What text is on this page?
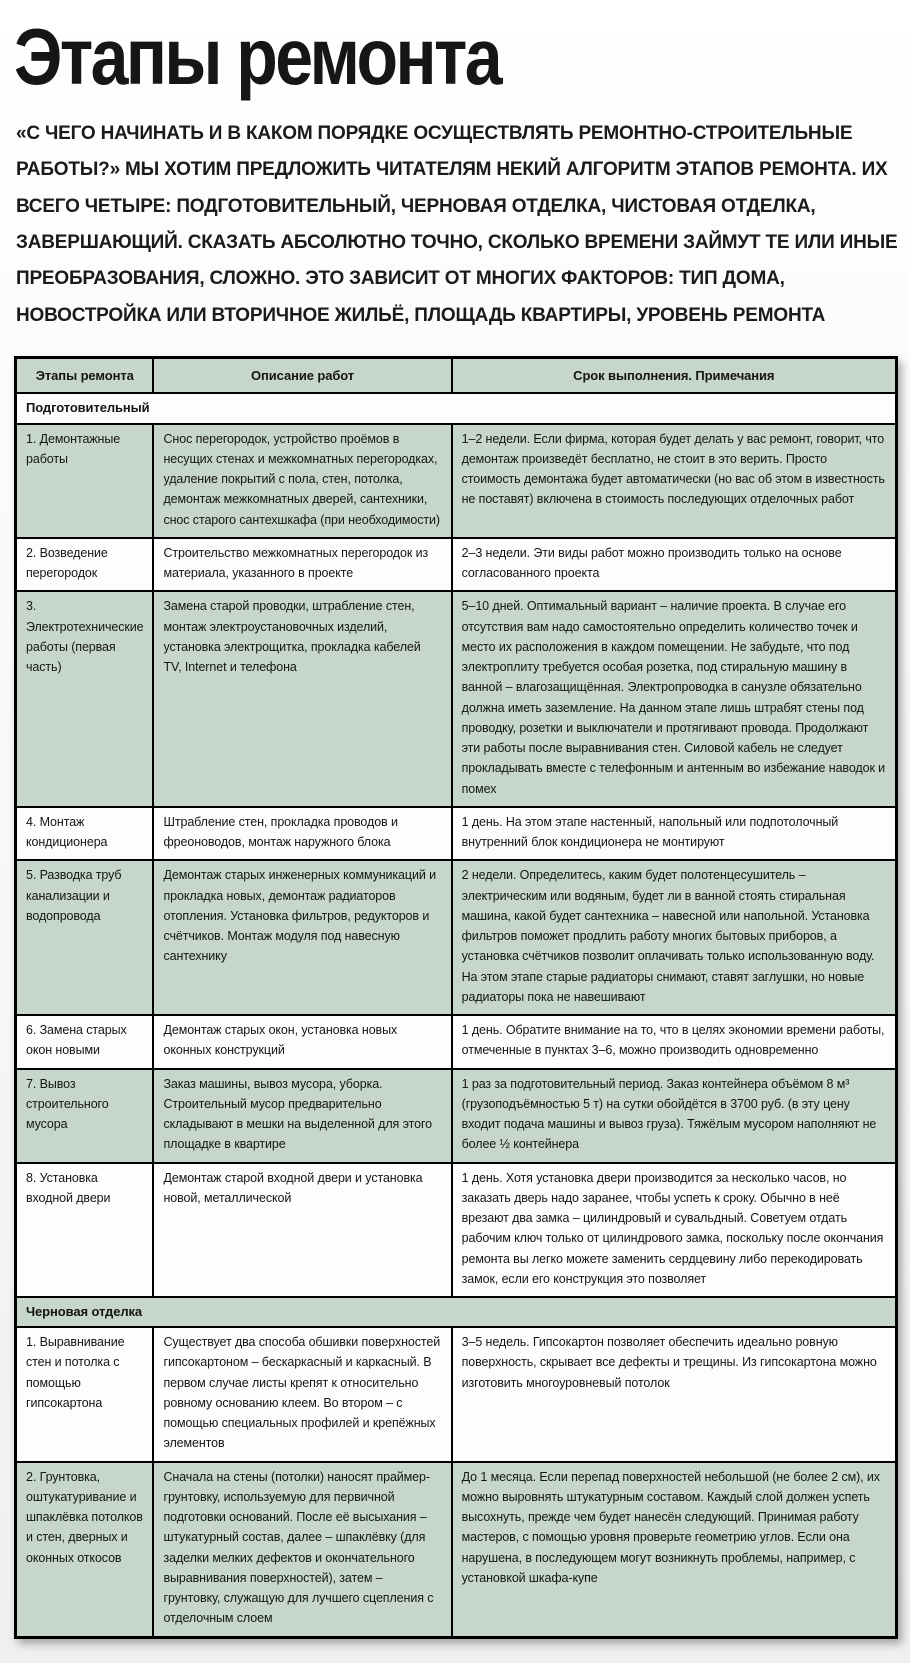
Этапы ремонта

«С ЧЕГО НАЧИНАТЬ И В КАКОМ ПОРЯДКЕ ОСУЩЕСТВЛЯТЬ РЕМОНТНО-СТРОИТЕЛЬНЫЕ РАБОТЫ?» МЫ ХОТИМ ПРЕДЛОЖИТЬ ЧИТАТЕЛЯМ НЕКИЙ АЛГОРИТМ ЭТАПОВ РЕМОНТА. ИХ ВСЕГО ЧЕТЫРЕ: ПОДГОТОВИТЕЛЬНЫЙ, ЧЕРНОВАЯ ОТДЕЛКА, ЧИСТОВАЯ ОТДЕЛКА, ЗАВЕРШАЮЩИЙ. СКАЗАТЬ АБСОЛЮТНО ТОЧНО, СКОЛЬКО ВРЕМЕНИ ЗАЙМУТ ТЕ ИЛИ ИНЫЕ ПРЕОБРАЗОВАНИЯ, СЛОЖНО. ЭТО ЗАВИСИТ ОТ МНОГИХ ФАКТОРОВ: ТИП ДОМА, НОВОСТРОЙКА ИЛИ ВТОРИЧНОЕ ЖИЛЬЁ, ПЛОЩАДЬ КВАРТИРЫ, УРОВЕНЬ РЕМОНТА

Этапы ремонта	Описание работ	Срок выполнения. Примечания
Подготовительный		
1. Демонтажные работы	Снос перегородок, устройство проёмов в несущих стенах и межкомнатных перегородках, удаление покрытий с пола, стен, потолка, демонтаж межкомнатных дверей, сантехники, снос старого сантехшкафа (при необходимости)	1–2 недели. Если фирма, которая будет делать у вас ремонт, говорит, что демонтаж произведёт бесплатно, не стоит в это верить. Просто стоимость демонтажа будет автоматически (но вас об этом в известность не поставят) включена в стоимость последующих отделочных работ
2. Возведение перегородок	Строительство межкомнатных перегородок из материала, указанного в проекте	2–3 недели. Эти виды работ можно производить только на основе согласованного проекта
3. Электротехнические работы (первая часть)	Замена старой проводки, штрабление стен, монтаж электроустановочных изделий, установка электрощитка, прокладка кабелей TV, Internet и телефона	5–10 дней. Оптимальный вариант – наличие проекта. В случае его отсутствия вам надо самостоятельно определить количество точек и место их расположения в каждом помещении. Не забудьте, что под электроплиту требуется особая розетка, под стиральную машину в ванной – влагозащищённая. Электропроводка в санузле обязательно должна иметь заземление. На данном этапе лишь штрабят стены под проводку, розетки и выключатели и протягивают провода. Продолжают эти работы после выравнивания стен. Силовой кабель не следует прокладывать вместе с телефонным и антенным во избежание наводок и помех
4. Монтаж кондиционера	Штрабление стен, прокладка проводов и фреоноводов, монтаж наружного блока	1 день. На этом этапе настенный, напольный или подпотолочный внутренний блок кондиционера не монтируют
5. Разводка труб канализации и водопровода	Демонтаж старых инженерных коммуникаций и прокладка новых, демонтаж радиаторов отопления. Установка фильтров, редукторов и счётчиков. Монтаж модуля под навесную сантехнику	2 недели. Определитесь, каким будет полотенцесушитель – электрическим или водяным, будет ли в ванной стоять стиральная машина, какой будет сантехника – навесной или напольной. Установка фильтров поможет продлить работу многих бытовых приборов, а установка счётчиков позволит оплачивать только использованную воду. На этом этапе старые радиаторы снимают, ставят заглушки, но новые радиаторы пока не навешивают
6. Замена старых окон новыми	Демонтаж старых окон, установка новых оконных конструкций	1 день. Обратите внимание на то, что в целях экономии времени работы, отмеченные в пунктах 3–6, можно производить одновременно
7. Вывоз строительного мусора	Заказ машины, вывоз мусора, уборка. Строительный мусор предварительно складывают в мешки на выделенной для этого площадке в квартире	1 раз за подготовительный период. Заказ контейнера объёмом 8 м³ (грузоподъёмностью 5 т) на сутки обойдётся в 3700 руб. (в эту цену входит подача машины и вывоз груза). Тяжёлым мусором наполняют не более ½ контейнера
8. Установка входной двери	Демонтаж старой входной двери и установка новой, металлической	1 день. Хотя установка двери производится за несколько часов, но заказать дверь надо заранее, чтобы успеть к сроку. Обычно в неё врезают два замка – цилиндровый и сувальдный. Советуем отдать рабочим ключ только от цилиндрового замка, поскольку после окончания ремонта вы легко можете заменить сердцевину либо перекодировать замок, если его конструкция это позволяет
Черновая отделка		
1. Выравнивание стен и потолка с помощью гипсокартона	Существует два способа обшивки поверхностей гипсокартоном – бескаркасный и каркасный. В первом случае листы крепят к относительно ровному основанию клеем. Во втором – с помощью специальных профилей и крепёжных элементов	3–5 недель. Гипсокартон позволяет обеспечить идеально ровную поверхность, скрывает все дефекты и трещины. Из гипсокартона можно изготовить многоуровневый потолок
2. Грунтовка, оштукатуривание и шпаклёвка потолков и стен, дверных и оконных откосов	Сначала на стены (потолки) наносят праймер-грунтовку, используемую для первичной подготовки оснований. После её высыхания – штукатурный состав, далее – шпаклёвку (для заделки мелких дефектов и окончательного выравнивания поверхностей), затем – грунтовку, служащую для лучшего сцепления с отделочным слоем	До 1 месяца. Если перепад поверхностей небольшой (не более 2 см), их можно выровнять штукатурным составом. Каждый слой должен успеть высохнуть, прежде чем будет нанесён следующий. Принимая работу мастеров, с помощью уровня проверьте геометрию углов. Если она нарушена, в последующем могут возникнуть проблемы, например, с установкой шкафа-купе
